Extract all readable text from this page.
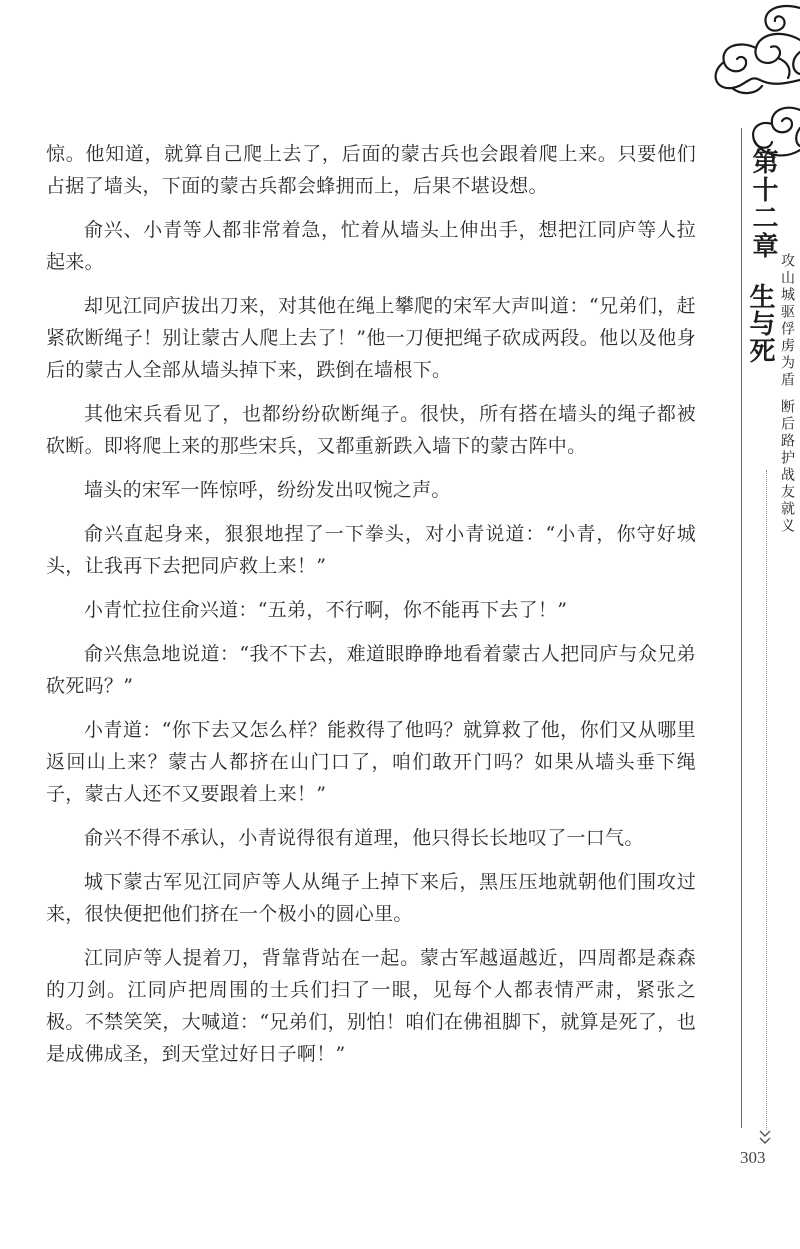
第十二章
生与死 攻山城驱俘虏为盾断后路护战友就义

惊。他知道，就算自己爬上去了，后面的蒙古兵也会跟着爬上来。只要他们占据了墙头，下面的蒙古兵都会蜂拥而上，后果不堪设想。

俞兴、小青等人都非常着急，忙着从墙头上伸出手，想把江同庐等人拉起来。

却见江同庐拔出刀来，对其他在绳上攀爬的宋军大声叫道：“兄弟们，赶紧砍断绳子！别让蒙古人爬上去了！”他一刀便把绳子砍成两段。他以及他身后的蒙古人全部从墙头掉下来，跌倒在墙根下。

其他宋兵看见了，也都纷纷砍断绳子。很快，所有搭在墙头的绳子都被砍断。即将爬上来的那些宋兵，又都重新跌入墙下的蒙古阵中。

墙头的宋军一阵惊呼，纷纷发出叹惋之声。

俞兴直起身来，狠狠地捏了一下拳头，对小青说道：“小青，你守好城头，让我再下去把同庐救上来！”

小青忙拉住俞兴道：“五弟，不行啊，你不能再下去了！”

俞兴焦急地说道：“我不下去，难道眼睁睁地看着蒙古人把同庐与众兄弟砍死吗？”

小青道：“你下去又怎么样？能救得了他吗？就算救了他，你们又从哪里返回山上来？蒙古人都挤在山门口了，咱们敢开门吗？如果从墙头垂下绳子，蒙古人还不又要跟着上来！”

俞兴不得不承认，小青说得很有道理，他只得长长地叹了一口气。

城下蒙古军见江同庐等人从绳子上掉下来后，黑压压地就朝他们围攻过来，很快便把他们挤在一个极小的圆心里。

江同庐等人提着刀，背靠背站在一起。蒙古军越逼越近，四周都是森森的刀剑。江同庐把周围的士兵们扫了一眼，见每个人都表情严肃，紧张之极。不禁笑笑，大喊道：“兄弟们，别怕！咱们在佛祖脚下，就算是死了，也是成佛成圣，到天堂过好日子啊！”

303
